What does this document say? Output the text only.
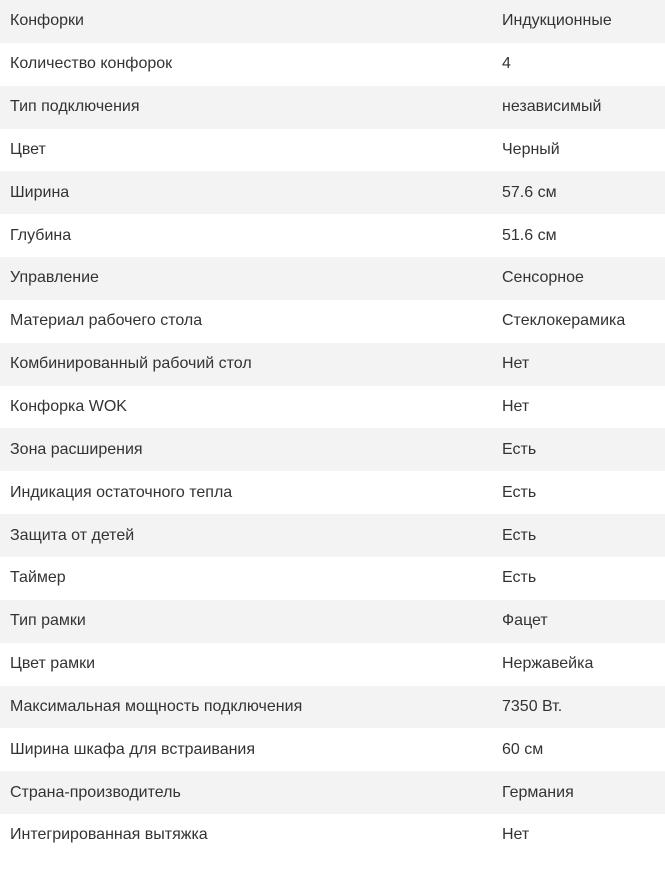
Конфорки	Индукционные
Количество конфорок	4
Тип подключения	независимый
Цвет	Черный
Ширина	57.6 см
Глубина	51.6 см
Управление	Сенсорное
Материал рабочего стола	Стеклокерамика
Комбинированный рабочий стол	Нет
Конфорка WOK	Нет
Зона расширения	Есть
Индикация остаточного тепла	Есть
Защита от детей	Есть
Таймер	Есть
Тип рамки	Фацет
Цвет рамки	Нержавейка
Максимальная мощность подключения	7350 Вт.
Ширина шкафа для встраивания	60 см
Страна-производитель	Германия
Интегрированная вытяжка	Нет
